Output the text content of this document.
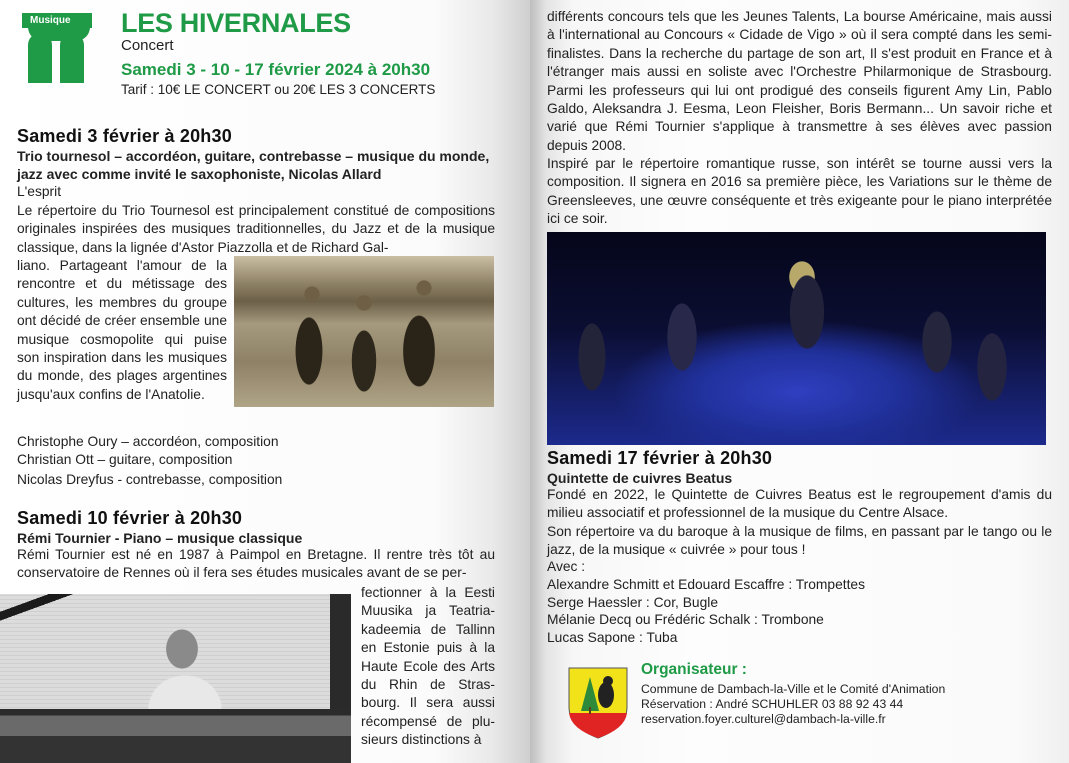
Musique	LES HIVERNALES
Concert
Samedi 3 - 10 - 17 février 2024 à 20h30
Tarif : 10€ LE CONCERT ou 20€ LES 3 CONCERTS
Samedi 3 février à 20h30
Trio tournesol – accordéon, guitare, contrebasse – musique du monde, jazz avec comme invité le saxophoniste, Nicolas Allard
L'esprit
Le répertoire du Trio Tournesol est principalement constitué de compositions originales inspirées des musiques traditionnelles, du Jazz et de la musique classique, dans la lignée d'Astor Piazzolla et de Richard Gal-
liano. Partageant l'amour de la rencontre et du métissage des cultures, les membres du groupe ont décidé de créer ensemble une musique cosmopolite qui puise son inspiration dans les musiques du monde, des plages argentines jusqu'aux confins de l'Anatolie.
Christophe Oury – accordéon, composition
Christian Ott – guitare, composition
Nicolas Dreyfus - contrebasse, composition
Samedi 10 février à 20h30
Rémi Tournier - Piano – musique classique
Rémi Tournier est né en 1987 à Paimpol en Bretagne. Il rentre très tôt au conservatoire de Rennes où il fera ses études musicales avant de se per-
fectionner à la Eesti Muusika ja Teatria-kadeemia de Tallinn en Estonie puis à la Haute Ecole des Arts du Rhin de Stras-bourg. Il sera aussi récompensé de plu-sieurs distinctions à
différents concours tels que les Jeunes Talents, La bourse Américaine, mais aussi à l'international au Concours « Cidade de Vigo » où il sera compté dans les semi-finalistes. Dans la recherche du partage de son art, Il s'est produit en France et à l'étranger mais aussi en soliste avec l'Orchestre Philarmonique de Strasbourg. Parmi les professeurs qui lui ont prodigué des conseils figurent Amy Lin, Pablo Galdo, Aleksandra J. Eesma, Leon Fleisher, Boris Bermann... Un savoir riche et varié que Rémi Tournier s'applique à transmettre à ses élèves avec passion depuis 2008.
Inspiré par le répertoire romantique russe, son intérêt se tourne aussi vers la composition. Il signera en 2016 sa première pièce, les Variations sur le thème de Greensleeves, une œuvre conséquente et très exigeante pour le piano interprétée ici ce soir.
Samedi 17 février à 20h30
Quintette de cuivres Beatus
Fondé en 2022, le Quintette de Cuivres Beatus est le regroupement d'amis du milieu associatif et professionnel de la musique du Centre Alsace.
Son répertoire va du baroque à la musique de films, en passant par le tango ou le jazz, de la musique « cuivrée » pour tous !
Avec :
Alexandre Schmitt et Edouard Escaffre : Trompettes
Serge Haessler : Cor, Bugle
Mélanie Decq ou Frédéric Schalk : Trombone
Lucas Sapone : Tuba
Organisateur :
Commune de Dambach-la-Ville et le Comité d'Animation
Réservation : André SCHUHLER 03 88 92 43 44
reservation.foyer.culturel@dambach-la-ville.fr
